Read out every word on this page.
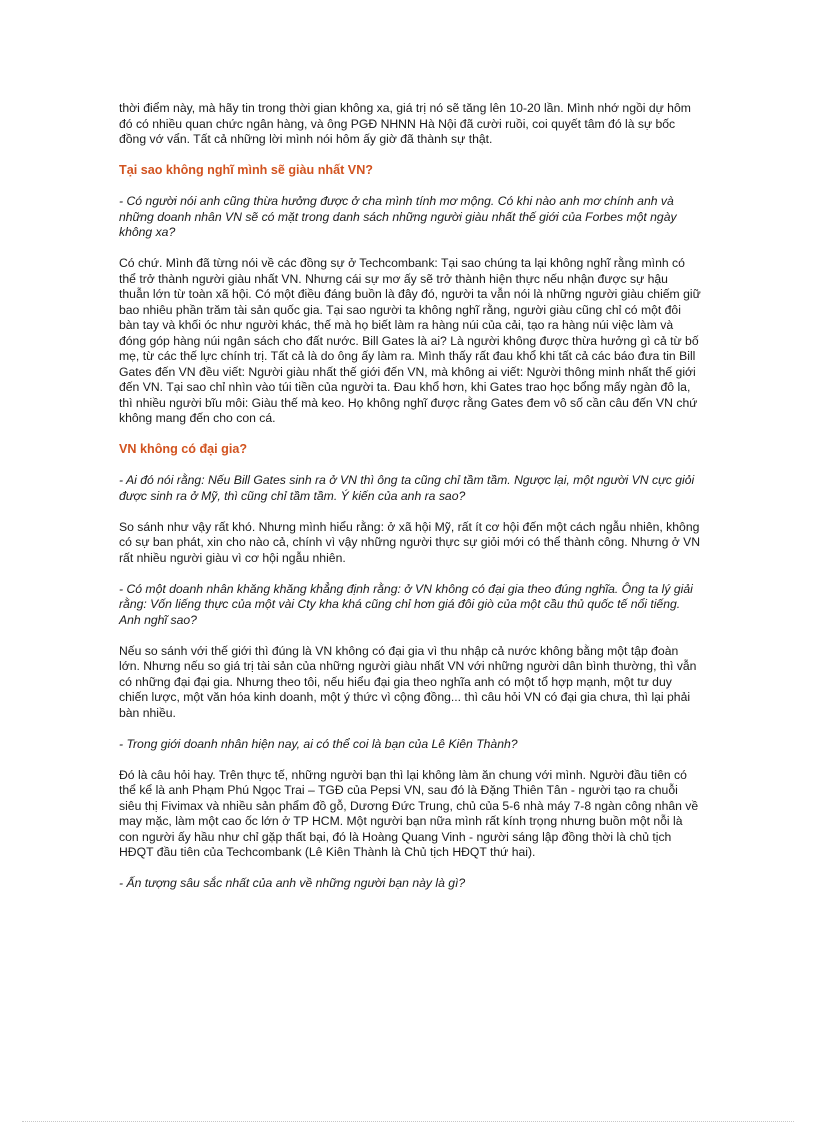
thời điểm này, mà hãy tin trong thời gian không xa, giá trị nó sẽ tăng lên 10-20 lần. Mình nhớ ngồi dự hôm đó có nhiều quan chức ngân hàng, và ông PGĐ NHNN Hà Nội đã cười ruồi, coi quyết tâm đó là sự bốc đồng vớ vẩn. Tất cả những lời mình nói hôm ấy giờ đã thành sự thật.

Tại sao không nghĩ mình sẽ giàu nhất VN?

- Có người nói anh cũng thừa hưởng được ở cha mình tính mơ mộng. Có khi nào anh mơ chính anh và những doanh nhân VN sẽ có mặt trong danh sách những người giàu nhất thế giới của Forbes một ngày không xa?

Có chứ. Mình đã từng nói về các đồng sự ở Techcombank: Tại sao chúng ta lại không nghĩ rằng mình có thể trở thành người giàu nhất VN. Nhưng cái sự mơ ấy sẽ trở thành hiện thực nếu nhận được sự hậu thuẫn lớn từ toàn xã hội. Có một điều đáng buồn là đây đó, người ta vẫn nói là những người giàu chiếm giữ bao nhiêu phần trăm tài sản quốc gia. Tại sao người ta không nghĩ rằng, người giàu cũng chỉ có một đôi bàn tay và khối óc như người khác, thế mà họ biết làm ra hàng núi của cải, tạo ra hàng núi việc làm và đóng góp hàng núi ngân sách cho đất nước. Bill Gates là ai? Là người không được thừa hưởng gì cả từ bố mẹ, từ các thế lực chính trị. Tất cả là do ông ấy làm ra. Mình thấy rất đau khổ khi tất cả các báo đưa tin Bill Gates đến VN đều viết: Người giàu nhất thế giới đến VN, mà không ai viết: Người thông minh nhất thế giới đến VN. Tại sao chỉ nhìn vào túi tiền của người ta. Đau khổ hơn, khi Gates trao học bổng mấy ngàn đô la, thì nhiều người bĩu môi: Giàu thế mà keo. Họ không nghĩ được rằng Gates đem vô số cần câu đến VN chứ không mang đến cho con cá.

VN không có đại gia?

- Ai đó nói rằng: Nếu Bill Gates sinh ra ở VN thì ông ta cũng chỉ tầm tầm. Ngược lại, một người VN cực giỏi được sinh ra ở Mỹ, thì cũng chỉ tầm tầm. Ý kiến của anh ra sao?

So sánh như vậy rất khó. Nhưng mình hiểu rằng: ở xã hội Mỹ, rất ít cơ hội đến một cách ngẫu nhiên, không có sự ban phát, xin cho nào cả, chính vì vậy những người thực sự giỏi mới có thể thành công. Nhưng ở VN rất nhiều người giàu vì cơ hội ngẫu nhiên.

- Có một doanh nhân khăng khăng khẳng định rằng: ở VN không có đại gia theo đúng nghĩa. Ông ta lý giải rằng: Vốn liếng thực của một vài Cty kha khá cũng chỉ hơn giá đôi giò của một cầu thủ quốc tế nổi tiếng. Anh nghĩ sao?

Nếu so sánh với thế giới thì đúng là VN không có đại gia vì thu nhập cả nước không bằng một tập đoàn lớn. Nhưng nếu so giá trị tài sản của những người giàu nhất VN với những người dân bình thường, thì vẫn có những đại đại gia. Nhưng theo tôi, nếu hiểu đại gia theo nghĩa anh có một tổ hợp mạnh, một tư duy chiến lược, một văn hóa kinh doanh, một ý thức vì cộng đồng... thì câu hỏi VN có đại gia chưa, thì lại phải bàn nhiều.

- Trong giới doanh nhân hiện nay, ai có thể coi là bạn của Lê Kiên Thành?

Đó là câu hỏi hay. Trên thực tế, những người bạn thì lại không làm ăn chung với mình. Người đầu tiên có thể kể là anh Phạm Phú Ngọc Trai – TGĐ của Pepsi VN, sau đó là Đặng Thiên Tân - người tạo ra chuỗi siêu thị Fivimax và nhiều sản phẩm đồ gỗ, Dương Đức Trung, chủ của 5-6 nhà máy 7-8 ngàn công nhân về may mặc, làm một cao ốc lớn ở TP HCM. Một người bạn nữa mình rất kính trọng nhưng buồn một nỗi là con người ấy hầu như chỉ gặp thất bại, đó là Hoàng Quang Vinh - người sáng lập đồng thời là chủ tịch HĐQT đầu tiên của Techcombank (Lê Kiên Thành là Chủ tịch HĐQT thứ hai).

- Ấn tượng sâu sắc nhất của anh về những người bạn này là gì?
